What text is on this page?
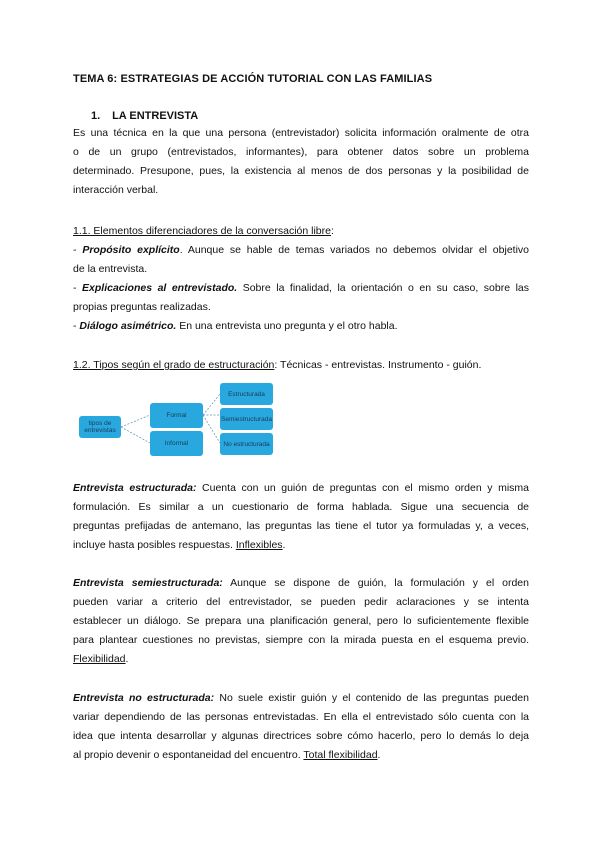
TEMA 6: ESTRATEGIAS DE ACCIÓN TUTORIAL CON LAS FAMILIAS
1. LA ENTREVISTA
Es una técnica en la que una persona (entrevistador) solicita información oralmente de otra
o de un grupo (entrevistados, informantes), para obtener datos sobre un problema
determinado. Presupone, pues, la existencia al menos de dos personas y la posibilidad de
interacción verbal.
1.1. Elementos diferenciadores de la conversación libre:
- Propósito explícito. Aunque se hable de temas variados no debemos olvidar el objetivo
de la entrevista.
- Explicaciones al entrevistado. Sobre la finalidad, la orientación o en su caso, sobre las
propias preguntas realizadas.
- Diálogo asimétrico. En una entrevista uno pregunta y el otro habla.
1.2. Tipos según el grado de estructuración: Técnicas - entrevistas. Instrumento - guión.
tipos de entrevistas
Formal
Informal
Estructurada
Semiestructurada
No estructurada
Entrevista estructurada: Cuenta con un guión de preguntas con el mismo orden y misma
formulación. Es similar a un cuestionario de forma hablada. Sigue una secuencia de
preguntas prefijadas de antemano, las preguntas las tiene el tutor ya formuladas y, a veces,
incluye hasta posibles respuestas. Inflexibles.
Entrevista semiestructurada: Aunque se dispone de guión, la formulación y el orden
pueden variar a criterio del entrevistador, se pueden pedir aclaraciones y se intenta
establecer un diálogo. Se prepara una planificación general, pero lo suficientemente flexible
para plantear cuestiones no previstas, siempre con la mirada puesta en el esquema previo.
Flexibilidad.
Entrevista no estructurada: No suele existir guión y el contenido de las preguntas pueden
variar dependiendo de las personas entrevistadas. En ella el entrevistado sólo cuenta con la
idea que intenta desarrollar y algunas directrices sobre cómo hacerlo, pero lo demás lo deja
al propio devenir o espontaneidad del encuentro. Total flexibilidad.
